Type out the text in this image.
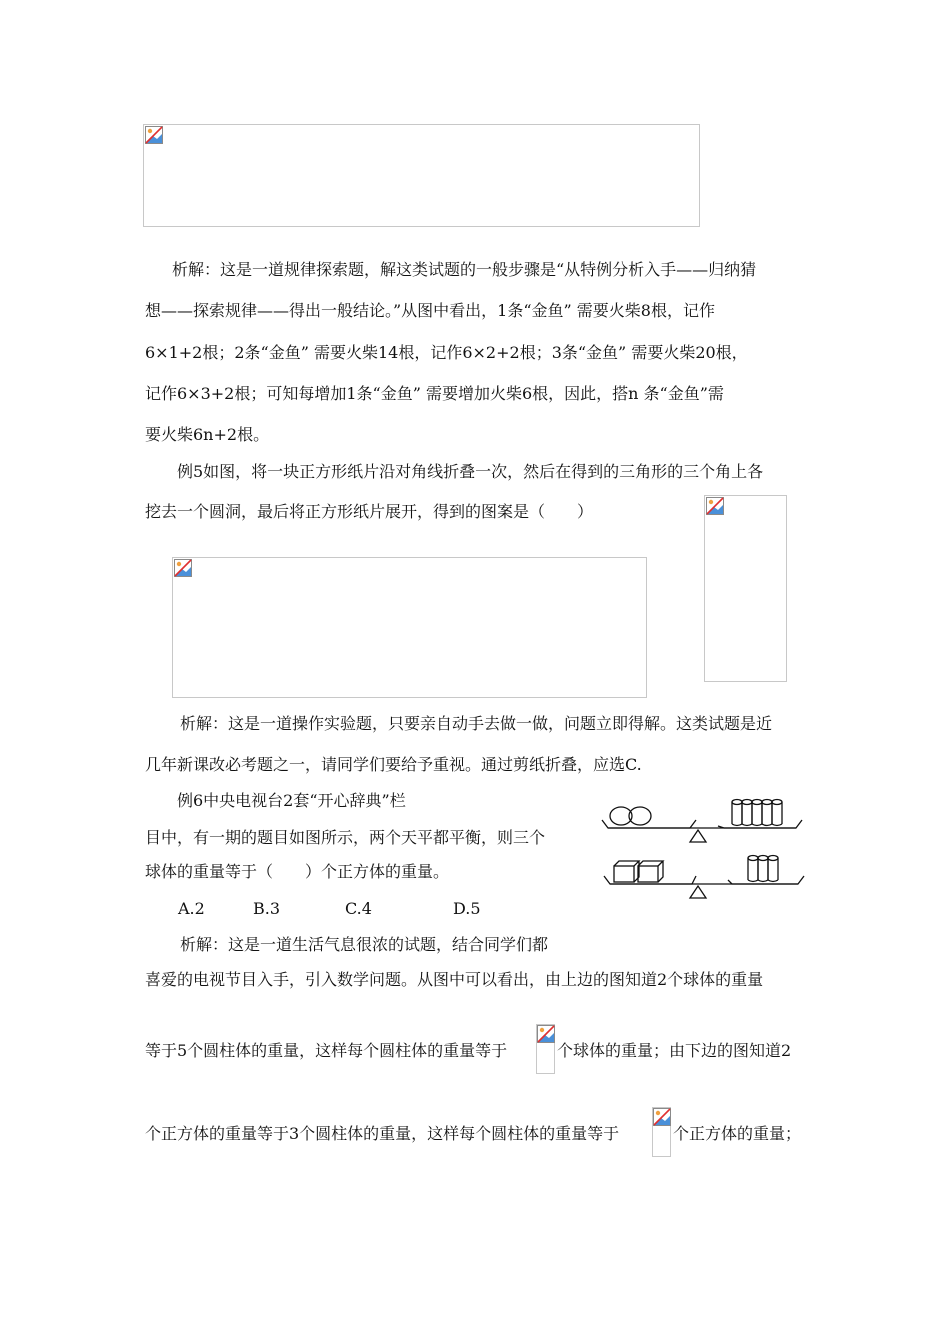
析解：这是一道规律探索题，解这类试题的一般步骤是“从特例分析入手——归纳猜
想——探索规律——得出一般结论。”从图中看出，1条“金鱼” 需要火柴8根，记作
6×1+2根；2条“金鱼” 需要火柴14根，记作6×2+2根；3条“金鱼” 需要火柴20根，
记作6×3+2根；可知每增加1条“金鱼” 需要增加火柴6根，因此，搭n 条“金鱼”需
要火柴6n+2根。
例5如图，将一块正方形纸片沿对角线折叠一次，然后在得到的三角形的三个角上各
挖去一个圆洞，最后将正方形纸片展开，得到的图案是（　　）
析解：这是一道操作实验题，只要亲自动手去做一做，问题立即得解。这类试题是近
几年新课改必考题之一，请同学们要给予重视。通过剪纸折叠，应选C.
例6中央电视台2套“开心辞典”栏
目中，有一期的题目如图所示，两个天平都平衡，则三个
球体的重量等于（　　）个正方体的重量。
A.2	B.3	C.4	D.5
析解：这是一道生活气息很浓的试题，结合同学们都
喜爱的电视节目入手，引入数学问题。从图中可以看出，由上边的图知道2个球体的重量
等于5个圆柱体的重量，这样每个圆柱体的重量等于	个球体的重量；由下边的图知道2
个正方体的重量等于3个圆柱体的重量，这样每个圆柱体的重量等于	个正方体的重量；
